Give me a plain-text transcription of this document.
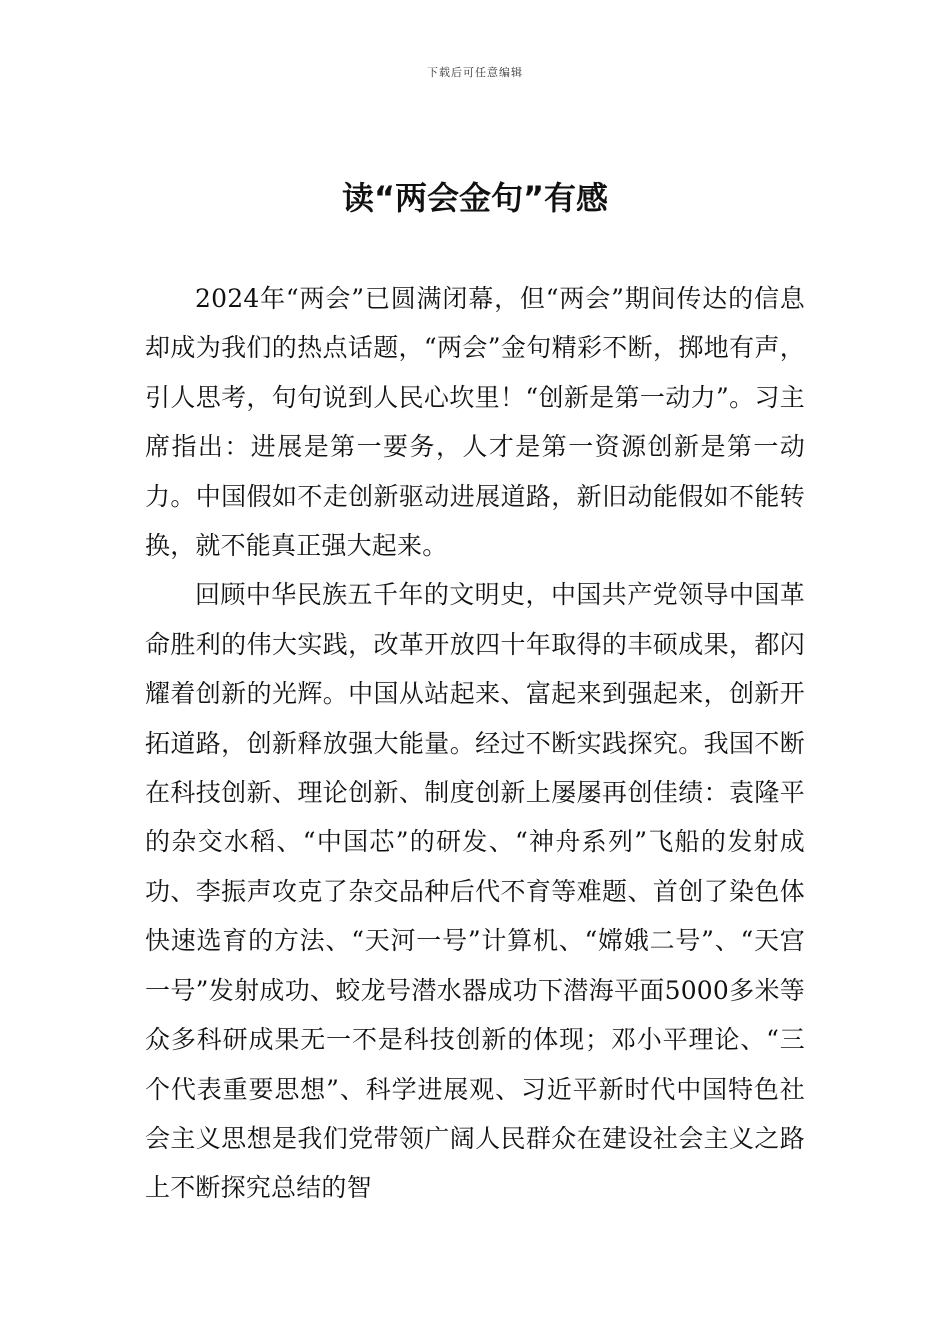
下载后可任意编辑
读“两会金句”有感

2024年“两会”已圆满闭幕，但“两会”期间传达的信息却成为我们的热点话题，“两会”金句精彩不断，掷地有声，引人思考，句句说到人民心坎里！“创新是第一动力”。习主席指出：进展是第一要务，人才是第一资源创新是第一动力。中国假如不走创新驱动进展道路，新旧动能假如不能转换，就不能真正强大起来。

回顾中华民族五千年的文明史，中国共产党领导中国革命胜利的伟大实践，改革开放四十年取得的丰硕成果，都闪耀着创新的光辉。中国从站起来、富起来到强起来，创新开拓道路，创新释放强大能量。经过不断实践探究。我国不断在科技创新、理论创新、制度创新上屡屡再创佳绩：袁隆平的杂交水稻、“中国芯”的研发、“神舟系列”飞船的发射成功、李振声攻克了杂交品种后代不育等难题、首创了染色体快速选育的方法、“天河一号”计算机、“嫦娥二号”、“天宫一号”发射成功、蛟龙号潜水器成功下潜海平面5000多米等众多科研成果无一不是科技创新的体现；邓小平理论、“三个代表重要思想”、科学进展观、习近平新时代中国特色社会主义思想是我们党带领广阔人民群众在建设社会主义之路上不断探究总结的智
